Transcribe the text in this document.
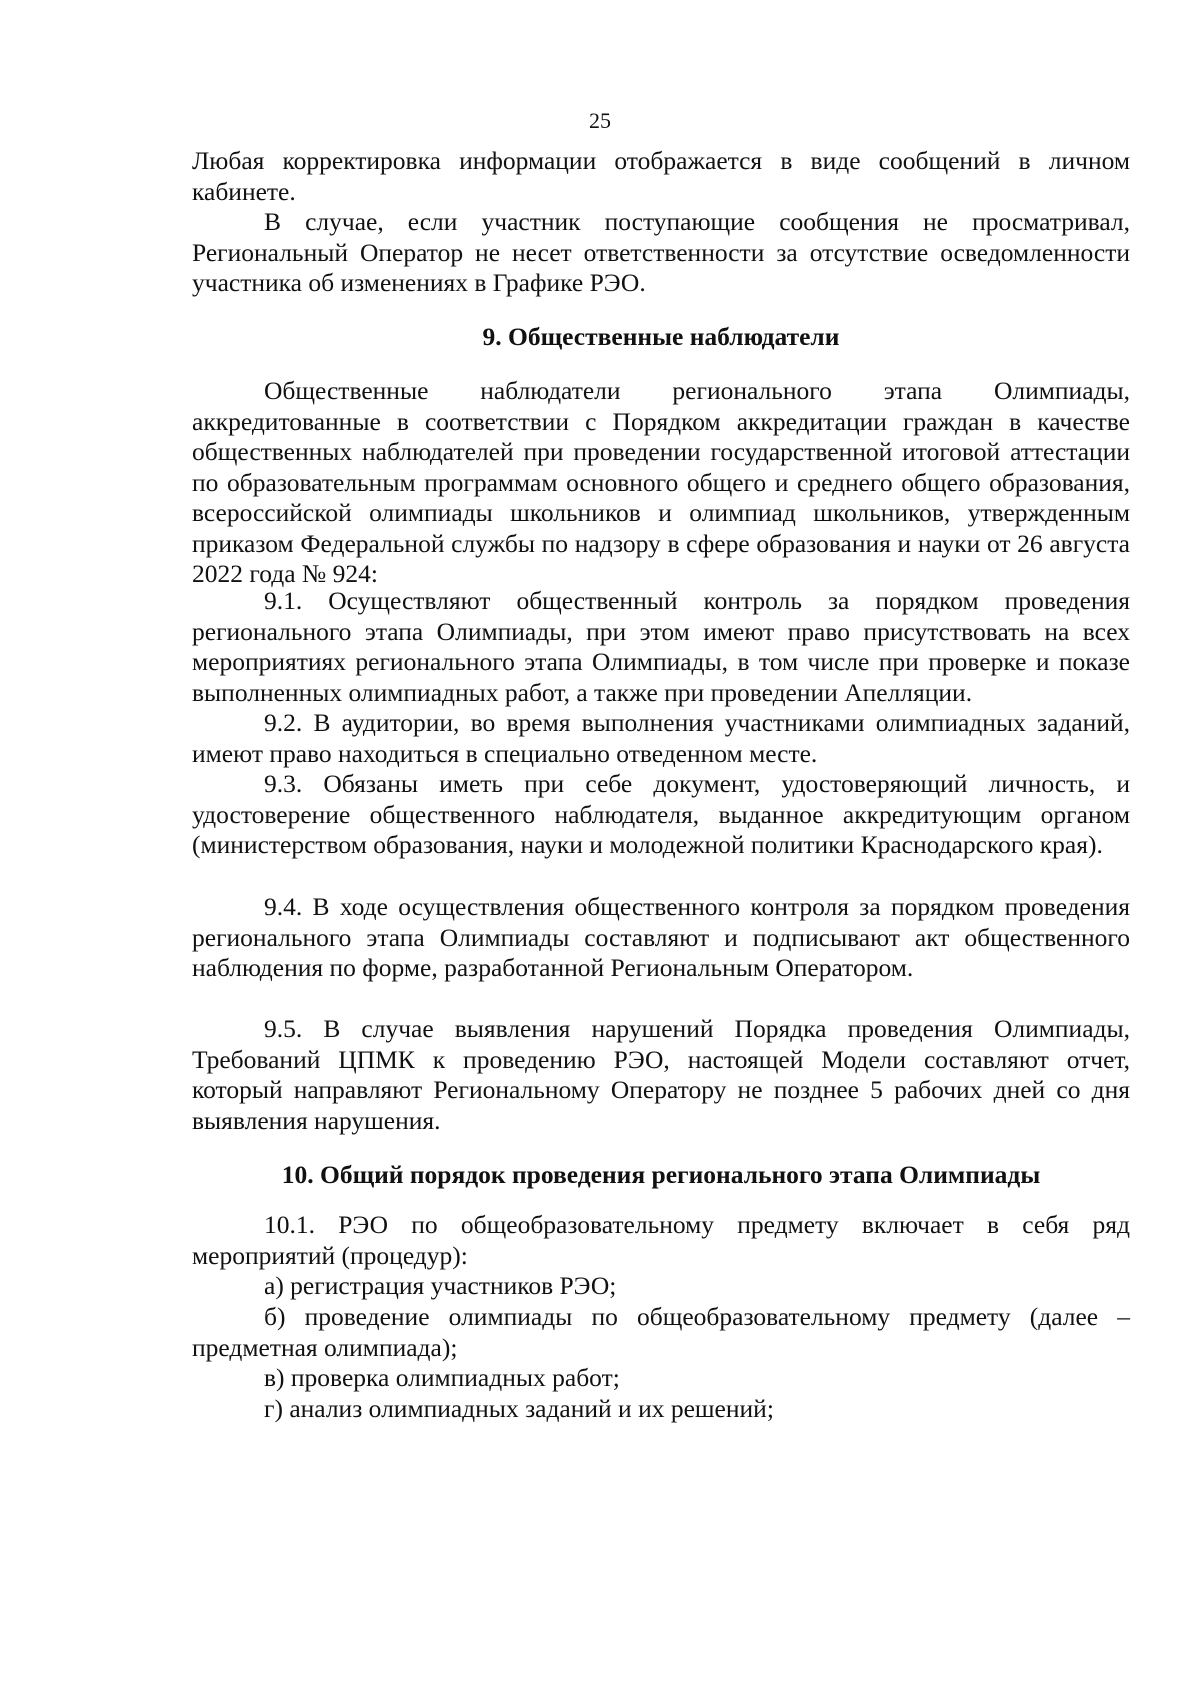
25

Любая корректировка информации отображается в виде сообщений в личном кабинете.

В случае, если участник поступающие сообщения не просматривал, Региональный Оператор не несет ответственности за отсутствие осведомленности участника об изменениях в Графике РЭО.

9. Общественные наблюдатели

Общественные наблюдатели регионального этапа Олимпиады, аккредитованные в соответствии с Порядком аккредитации граждан в качестве общественных наблюдателей при проведении государственной итоговой аттестации по образовательным программам основного общего и среднего общего образования, всероссийской олимпиады школьников и олимпиад школьников, утвержденным приказом Федеральной службы по надзору в сфере образования и науки от 26 августа 2022 года № 924:

9.1. Осуществляют общественный контроль за порядком проведения регионального этапа Олимпиады, при этом имеют право присутствовать на всех мероприятиях регионального этапа Олимпиады, в том числе при проверке и показе выполненных олимпиадных работ, а также при проведении Апелляции.

9.2. В аудитории, во время выполнения участниками олимпиадных заданий, имеют право находиться в специально отведенном месте.

9.3. Обязаны иметь при себе документ, удостоверяющий личность, и удостоверение общественного наблюдателя, выданное аккредитующим органом (министерством образования, науки и молодежной политики Краснодарского края).

9.4. В ходе осуществления общественного контроля за порядком проведения регионального этапа Олимпиады составляют и подписывают акт общественного наблюдения по форме, разработанной Региональным Оператором.

9.5. В случае выявления нарушений Порядка проведения Олимпиады, Требований ЦПМК к проведению РЭО, настоящей Модели составляют отчет, который направляют Региональному Оператору не позднее 5 рабочих дней со дня выявления нарушения.

10. Общий порядок проведения регионального этапа Олимпиады

10.1. РЭО по общеобразовательному предмету включает в себя ряд мероприятий (процедур):

а) регистрация участников РЭО;

б) проведение олимпиады по общеобразовательному предмету (далее – предметная олимпиада);

в) проверка олимпиадных работ;

г) анализ олимпиадных заданий и их решений;
